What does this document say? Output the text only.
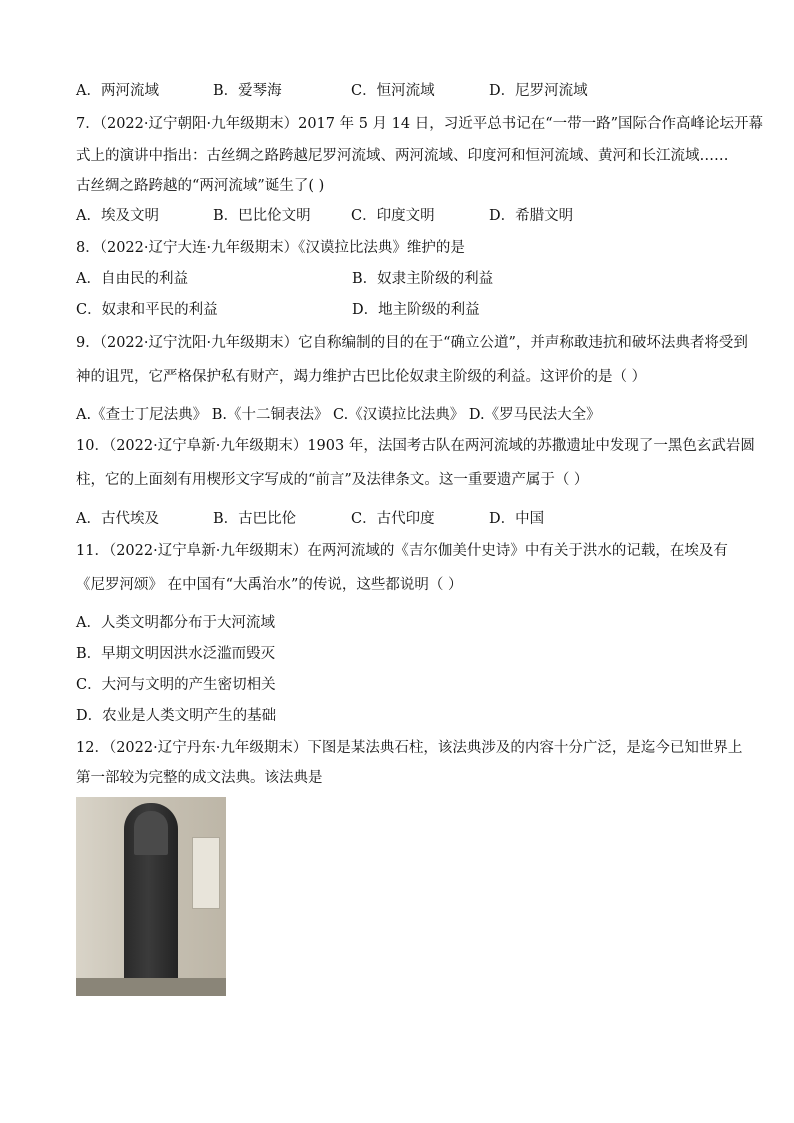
A．两河流域	B．爱琴海	C．恒河流域	D．尼罗河流域
7．（2022·辽宁朝阳·九年级期末）2017 年 5 月 14 日，习近平总书记在“一带一路”国际合作高峰论坛开幕
式上的演讲中指出：古丝绸之路跨越尼罗河流域、两河流域、印度河和恒河流域、黄河和长江流域……
古丝绸之路跨越的“两河流域”诞生了( )
A．埃及文明	B．巴比伦文明	C．印度文明	D．希腊文明
8．（2022·辽宁大连·九年级期末）《汉谟拉比法典》维护的是
A．自由民的利益	B．奴隶主阶级的利益
C．奴隶和平民的利益	D．地主阶级的利益
9．（2022·辽宁沈阳·九年级期末）它自称编制的目的在于“确立公道”，并声称敢违抗和破坏法典者将受到
神的诅咒，它严格保护私有财产，竭力维护古巴比伦奴隶主阶级的利益。这评价的是（ ）
A.《查士丁尼法典》 B.《十二铜表法》 C.《汉谟拉比法典》 D.《罗马民法大全》
10．（2022·辽宁阜新·九年级期末）1903 年，法国考古队在两河流域的苏撒遗址中发现了一黑色玄武岩圆
柱，它的上面刻有用楔形文字写成的“前言”及法律条文。这一重要遗产属于（ ）
A．古代埃及	B．古巴比伦	C．古代印度	D．中国
11．（2022·辽宁阜新·九年级期末）在两河流域的《吉尔伽美什史诗》中有关于洪水的记载，在埃及有
《尼罗河颂》 在中国有“大禹治水”的传说，这些都说明（ ）
A．人类文明都分布于大河流域
B．早期文明因洪水泛滥而毁灭
C．大河与文明的产生密切相关
D．农业是人类文明产生的基础
12．（2022·辽宁丹东·九年级期末）下图是某法典石柱，该法典涉及的内容十分广泛，是迄今已知世界上
第一部较为完整的成文法典。该法典是
